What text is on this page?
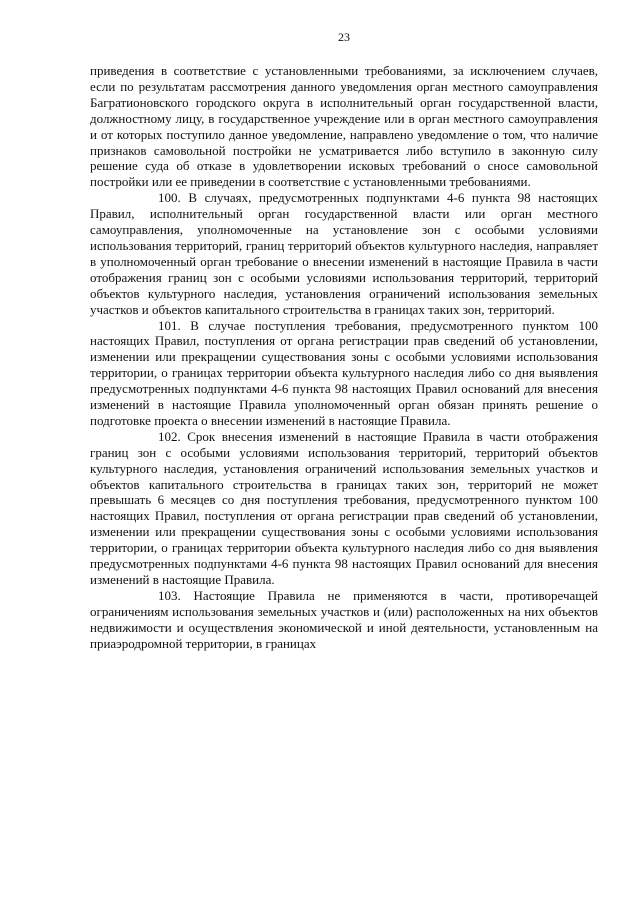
23

приведения в соответствие с установленными требованиями, за исключением случаев, если по результатам рассмотрения данного уведомления орган местного самоуправления Багратионовского городского округа в исполнительный орган государственной власти, должностному лицу, в государственное учреждение или в орган местного самоуправления и от которых поступило данное уведомление, направлено уведомление о том, что наличие признаков самовольной постройки не усматривается либо вступило в законную силу решение суда об отказе в удовлетворении исковых требований о сносе самовольной постройки или ее приведении в соответствие с установленными требованиями.

100. В случаях, предусмотренных подпунктами 4-6 пункта 98 настоящих Правил, исполнительный орган государственной власти или орган местного самоуправления, уполномоченные на установление зон с особыми условиями использования территорий, границ территорий объектов культурного наследия, направляет в уполномоченный орган требование о внесении изменений в настоящие Правила в части отображения границ зон с особыми условиями использования территорий, территорий объектов культурного наследия, установления ограничений использования земельных участков и объектов капитального строительства в границах таких зон, территорий.

101. В случае поступления требования, предусмотренного пунктом 100 настоящих Правил, поступления от органа регистрации прав сведений об установлении, изменении или прекращении существования зоны с особыми условиями использования территории, о границах территории объекта культурного наследия либо со дня выявления предусмотренных подпунктами 4-6 пункта 98 настоящих Правил оснований для внесения изменений в настоящие Правила уполномоченный орган обязан принять решение о подготовке проекта о внесении изменений в настоящие Правила.

102. Срок внесения изменений в настоящие Правила в части отображения границ зон с особыми условиями использования территорий, территорий объектов культурного наследия, установления ограничений использования земельных участков и объектов капитального строительства в границах таких зон, территорий не может превышать 6 месяцев со дня поступления требования, предусмотренного пунктом 100 настоящих Правил, поступления от органа регистрации прав сведений об установлении, изменении или прекращении существования зоны с особыми условиями использования территории, о границах территории объекта культурного наследия либо со дня выявления предусмотренных подпунктами 4-6 пункта 98 настоящих Правил оснований для внесения изменений в настоящие Правила.

103. Настоящие Правила не применяются в части, противоречащей ограничениям использования земельных участков и (или) расположенных на них объектов недвижимости и осуществления экономической и иной деятельности, установленным на приаэродромной территории, в границах
